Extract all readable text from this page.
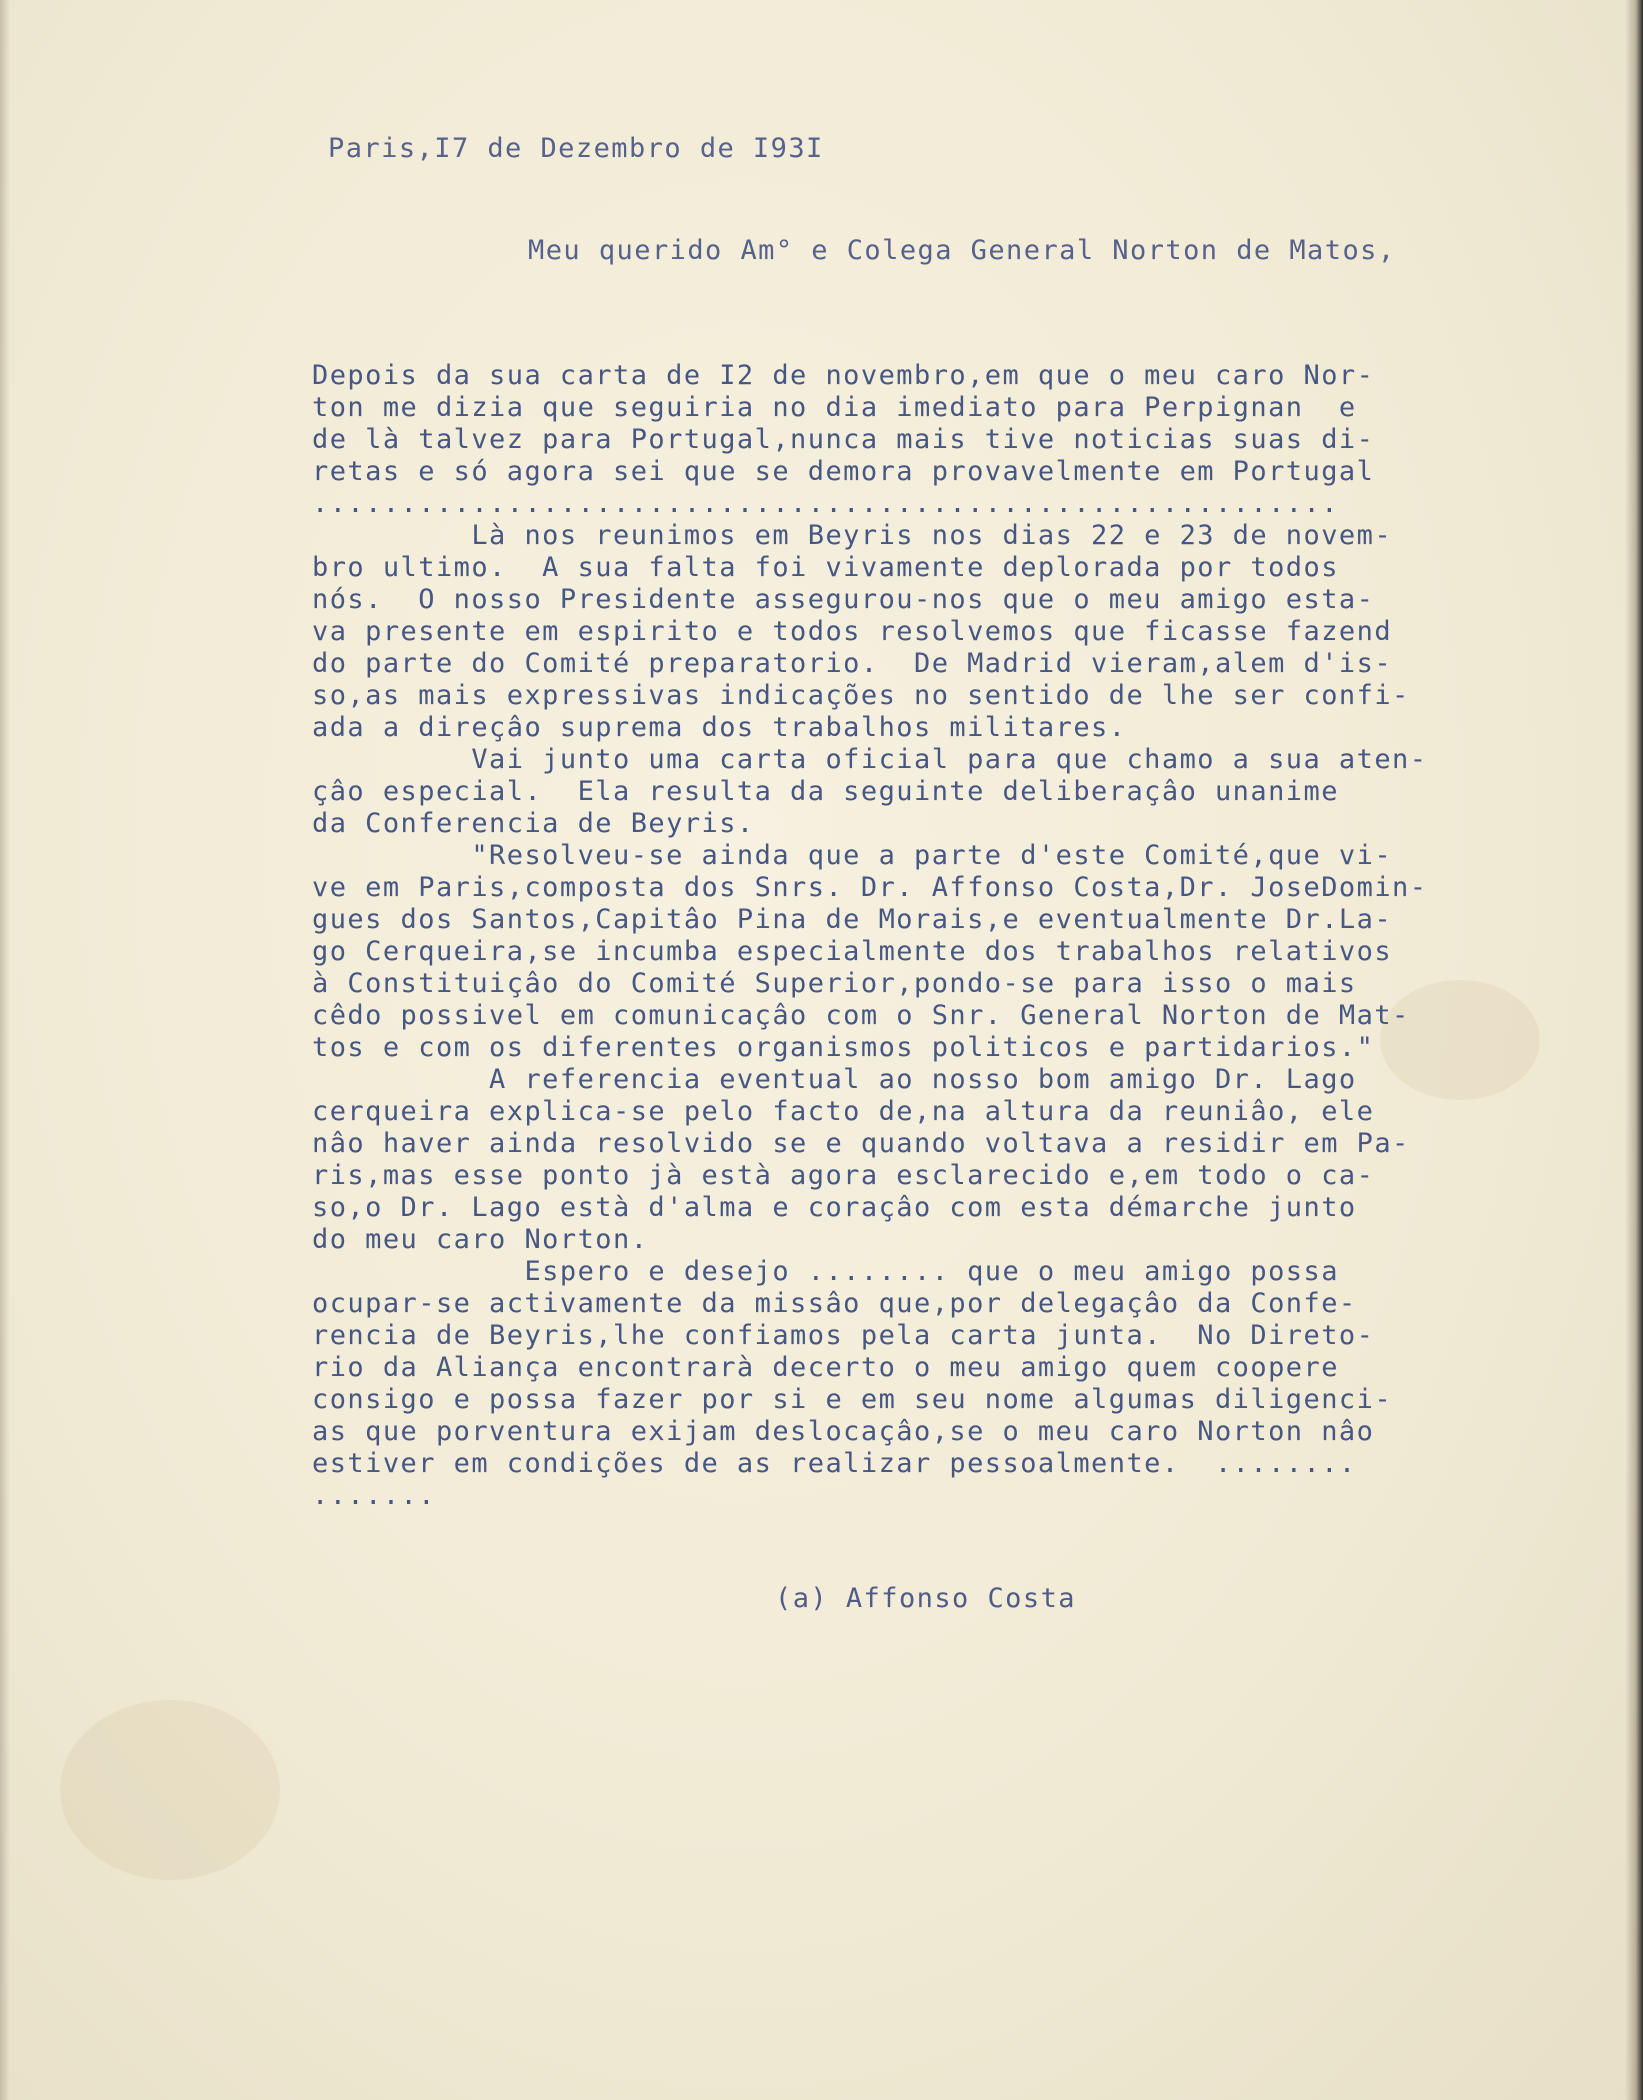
Paris,I7 de Dezembro de I93I
Meu querido Am° e Colega General Norton de Matos,
Depois da sua carta de I2 de novembro,em que o meu caro Nor-
ton me dizia que seguiria no dia imediato para Perpignan  e
de là talvez para Portugal,nunca mais tive noticias suas di-
retas e só agora sei que se demora provavelmente em Portugal
..........................................................
Là nos reunimos em Beyris nos dias 22 e 23 de novem-
bro ultimo.  A sua falta foi vivamente deplorada por todos
nós.  O nosso Presidente assegurou-nos que o meu amigo esta-
va presente em espirito e todos resolvemos que ficasse fazend
do parte do Comité preparatorio.  De Madrid vieram,alem d'is-
so,as mais expressivas indicações no sentido de lhe ser confi-
ada a direçâo suprema dos trabalhos militares.
Vai junto uma carta oficial para que chamo a sua aten-
çâo especial.  Ela resulta da seguinte deliberaçâo unanime
da Conferencia de Beyris.
"Resolveu-se ainda que a parte d'este Comité,que vi-
ve em Paris,composta dos Snrs. Dr. Affonso Costa,Dr. JoseDomin-
gues dos Santos,Capitâo Pina de Morais,e eventualmente Dr.La-
go Cerqueira,se incumba especialmente dos trabalhos relativos
à Constituiçâo do Comité Superior,pondo-se para isso o mais
cêdo possivel em comunicaçâo com o Snr. General Norton de Mat-
tos e com os diferentes organismos politicos e partidarios."
A referencia eventual ao nosso bom amigo Dr. Lago
cerqueira explica-se pelo facto de,na altura da reuniâo, ele
nâo haver ainda resolvido se e quando voltava a residir em Pa-
ris,mas esse ponto jà està agora esclarecido e,em todo o ca-
so,o Dr. Lago està d'alma e coraçâo com esta démarche junto
do meu caro Norton.
Espero e desejo ........ que o meu amigo possa
ocupar-se activamente da missâo que,por delegaçâo da Confe-
rencia de Beyris,lhe confiamos pela carta junta.  No Direto-
rio da Aliança encontrarà decerto o meu amigo quem coopere
consigo e possa fazer por si e em seu nome algumas diligenci-
as que porventura exijam deslocaçâo,se o meu caro Norton nâo
estiver em condições de as realizar pessoalmente.  ........
.......
(a) Affonso Costa
